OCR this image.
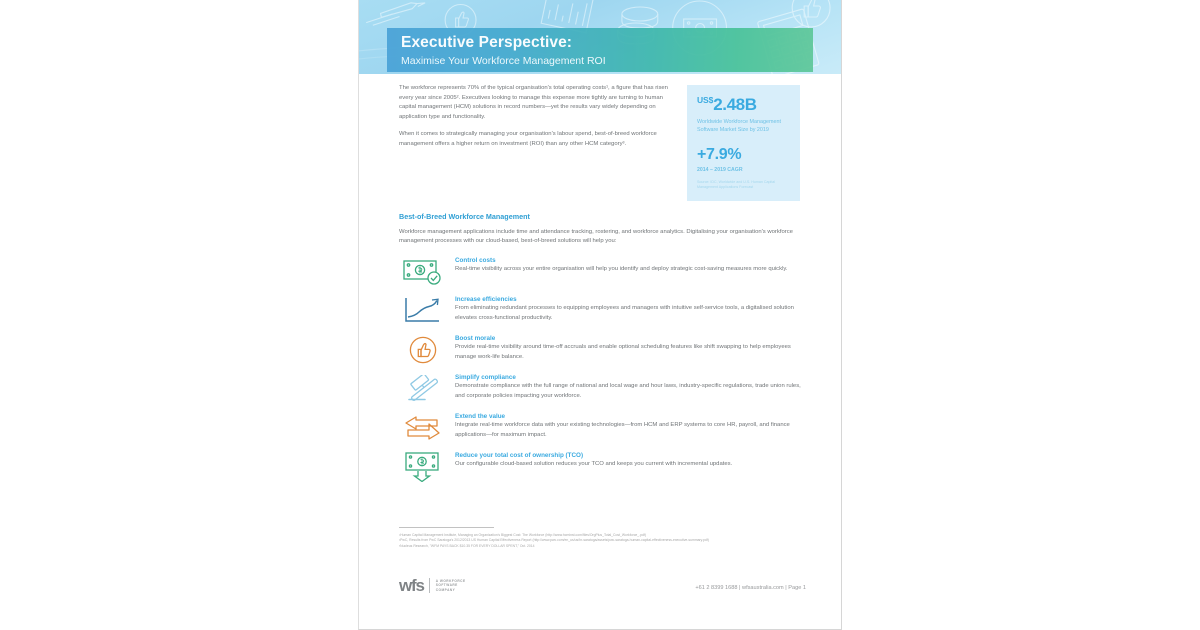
Executive Perspective:
Maximise Your Workforce Management ROI

The workforce represents 70% of the typical organisation's total operating costs¹, a figure that has risen every year since 2005². Executives looking to manage this expense more tightly are turning to human capital management (HCM) solutions in record numbers—yet the results vary widely depending on application type and functionality.

When it comes to strategically managing your organisation's labour spend, best-of-breed workforce management offers a higher return on investment (ROI) than any other HCM category³.

$^{US\$}$2.48B
Worldwide Workforce Management Software Market Size by 2019
+7.9%
2014 – 2019 CAGR
Source: IDC, Worldwide and U.S. Human Capital Management Applications Forecast
Best-of-Breed Workforce Management

Workforce management applications include time and attendance tracking, rostering, and workforce analytics. Digitalising your organisation's workforce management processes with our cloud-based, best-of-breed solutions will help you:

Control costs
Real-time visibility across your entire organisation will help you identify and deploy strategic cost-saving measures more quickly.
Increase efficiencies
From eliminating redundant processes to equipping employees and managers with intuitive self-service tools, a digitalised solution elevates cross-functional productivity.
Boost morale
Provide real-time visibility around time-off accruals and enable optional scheduling features like shift swapping to help employees manage work-life balance.
Simplify compliance
Demonstrate compliance with the full range of national and local wage and hour laws, industry-specific regulations, trade union rules, and corporate policies impacting your workforce.
Extend the value
Integrate real-time workforce data with your existing technologies—from HCM and ERP systems to core HR, payroll, and finance applications—for maximum impact.
Reduce your total cost of ownership (TCO)
Our configurable cloud-based solution reduces your TCO and keeps you current with incremental updates.
¹Human Capital Management Institute, Managing an Organization's Biggest Cost: The Workforce (http://www.hcminst.com/files/OrgPlus_Total_Cost_Workforce_.pdf)
²PwC, Results from PwC Saratoga's 2012/2013 US Human Capital Effectiveness Report (http://www.pwc.com/en_us/us/hr-saratoga/assets/pwc-saratoga-human-capital-effectiveness-executive-summary.pdf)
³Nucleus Research, "WFM PAYS BACK $10.35 FOR EVERY DOLLAR SPENT," Oct. 2014
wfs	A WORKFORCE
SOFTWARE
COMPANY	+61 2 8399 1688 | wfsaustralia.com | Page 1
